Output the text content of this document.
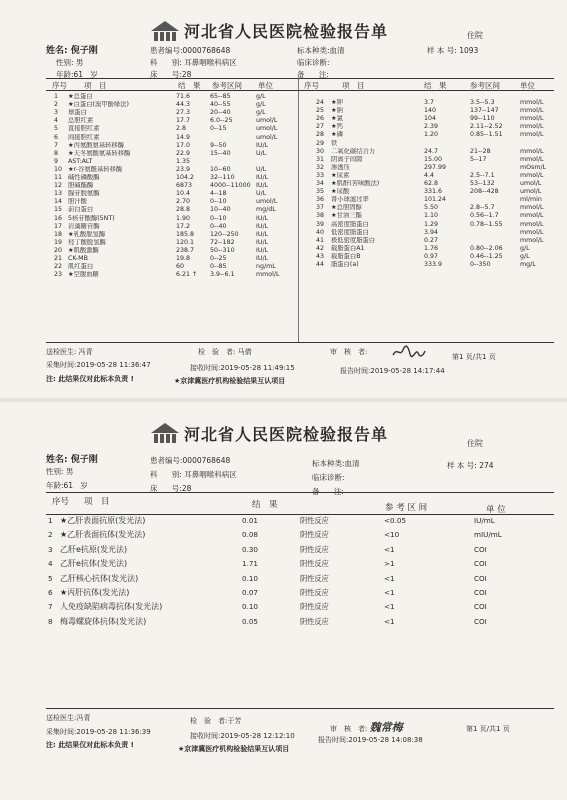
河北省人民医院检验报告单	住院
姓名: 倪子刚	患者编号:0000768648	标本种类:血清	样 本 号: 1093
性别: 男	科 别: 耳鼻咽喉科病区	临床诊断:
年龄:61 岁	床 号:28	备 注:
序号 项　目	结　果 参考区间 单位	序号	项　目	结　果	参考区间	单位
1	★总蛋白	71.6	65--85	g/L
2	★白蛋白(溴甲酚绿法)	44.3	40--55	g/L
3	球蛋白	27.3	20--40	g/L
4	总胆红素	17.7	6.0--25	umol/L
5	直接胆红素	2.8	0--15	umol/L
6	间接胆红素	14.9	umol/L
7	★丙氨酸氨基转移酶	17.0	9--50	IU/L
8	★天冬氨酸氨基转移酶	22.9	15--40	U/L
9	AST:ALT	1.35
10 ★r-谷氨酰基转移酶	23.9	10--60	U/L
11 碱性磷酸酶	104.2	32--110	IU/L
12 胆碱酯酶	6873	4000--11000 IU/L
13 腺苷脱氨酶	10.4	4--18	U/L
14 胆汁酸	2.70	0--10	umol/L
15 前白蛋白	28.8	10--40	mg/dL
16 5核苷酸酶(5NT)	1.90	0--10	IU/L
17 岩藻糖苷酶	17.2	0--40	IU/L
18 ★乳酸脱氢酶	185.8	120--250	IU/L
19 羟丁酸脱氢酶	120.1	72--182	IU/L
20 ★肌酸激酶	238.7	50--310	IU/L
21 CK-MB	19.8	0--25	IU/L
22 肌红蛋白	60	0--85	ng/mL
23 ★空腹血糖	6.21 ↑	3.9--6.1	mmol/L
24	★钾	3.7	3.5--5.3	mmol/L
25	★钠	140	137--147	mmol/L
26	★氯	104	99--110	mmol/L
27	★钙	2.39	2.11--2.52	mmol/L
28	★磷	1.20	0.85--1.51	mmol/L
29	铁
30	二氧化碳结合力	24.7	21--28	mmol/L
31	阴离子间隙	15.00	5--17	mmol/L
32	渗透压	297.99	mOsm/L
33	★尿素	4.4	2.5--7.1	mmol/L
34	★肌酐(苦味酸法)	62.8	53--132	umol/L
35	★尿酸	331.6	208--428	umol/L
36	肾小球滤过率	101.24	ml/min
37	★总胆固醇	5.50	2.8--5.7	mmol/L
38	★甘油三酯	1.10	0.56--1.7	mmol/L
39	高密度脂蛋白	1.29	0.78--1.55	mmol/L
40	低密度脂蛋白	3.94	mmol/L
41	极低密度脂蛋白	0.27	mmol/L
42	载脂蛋白A1	1.76	0.80--2.06	g/L
43	载脂蛋白B	0.97	0.46--1.25	g/L
44	脂蛋白(a)	333.9	0--350	mg/L
送检医生: 冯青	检　验　者: 马倩	审　核　者:
第1 页/共1 页
采集时间:2019-05-28 11:36:47	接收时间:2019-05-28 11:49:15	报告时间:2019-05-28 14:17:44
注: 此结果仅对此标本负责 !	★京津冀医疗机构检验结果互认项目
河北省人民医院检验报告单	住院
姓名: 倪子刚	患者编号:0000768648	标本种类:血清	样 本 号: 274
性别: 男	科 别: 耳鼻咽喉科病区	临床诊断:
年龄:61 岁	床 号:28	备 注:
序号 项　目	结　果	参 考 区 间	单 位
1 ★乙肝表面抗原(发光法)	0.01	阴性反应	<0.05	IU/mL
2 ★乙肝表面抗体(发光法)	0.08	阴性反应	<10	mIU/mL
3 乙肝e抗原(发光法)	0.30	阴性反应	<1	COI
4 乙肝e抗体(发光法)	1.71	阴性反应	>1	COI
5 乙肝核心抗体(发光法)	0.10	阴性反应	<1	COI
6 ★丙肝抗体(发光法)	0.07	阴性反应	<1	COI
7 人免疫缺陷病毒抗体(发光法)	0.10	阴性反应	<1	COI
8 梅毒螺旋体抗体(发光法)	0.05	阴性反应	<1	COI
送检医生:冯青	检　验　者:于芳
审　核　者: 魏常梅	第1 页/共1 页
采集时间:2019-05-28 11:36:39	接收时间:2019-05-28 12:12:10	报告时间:2019-05-28 14:08:38
注: 此结果仅对此标本负责 !	★京津冀医疗机构检验结果互认项目
